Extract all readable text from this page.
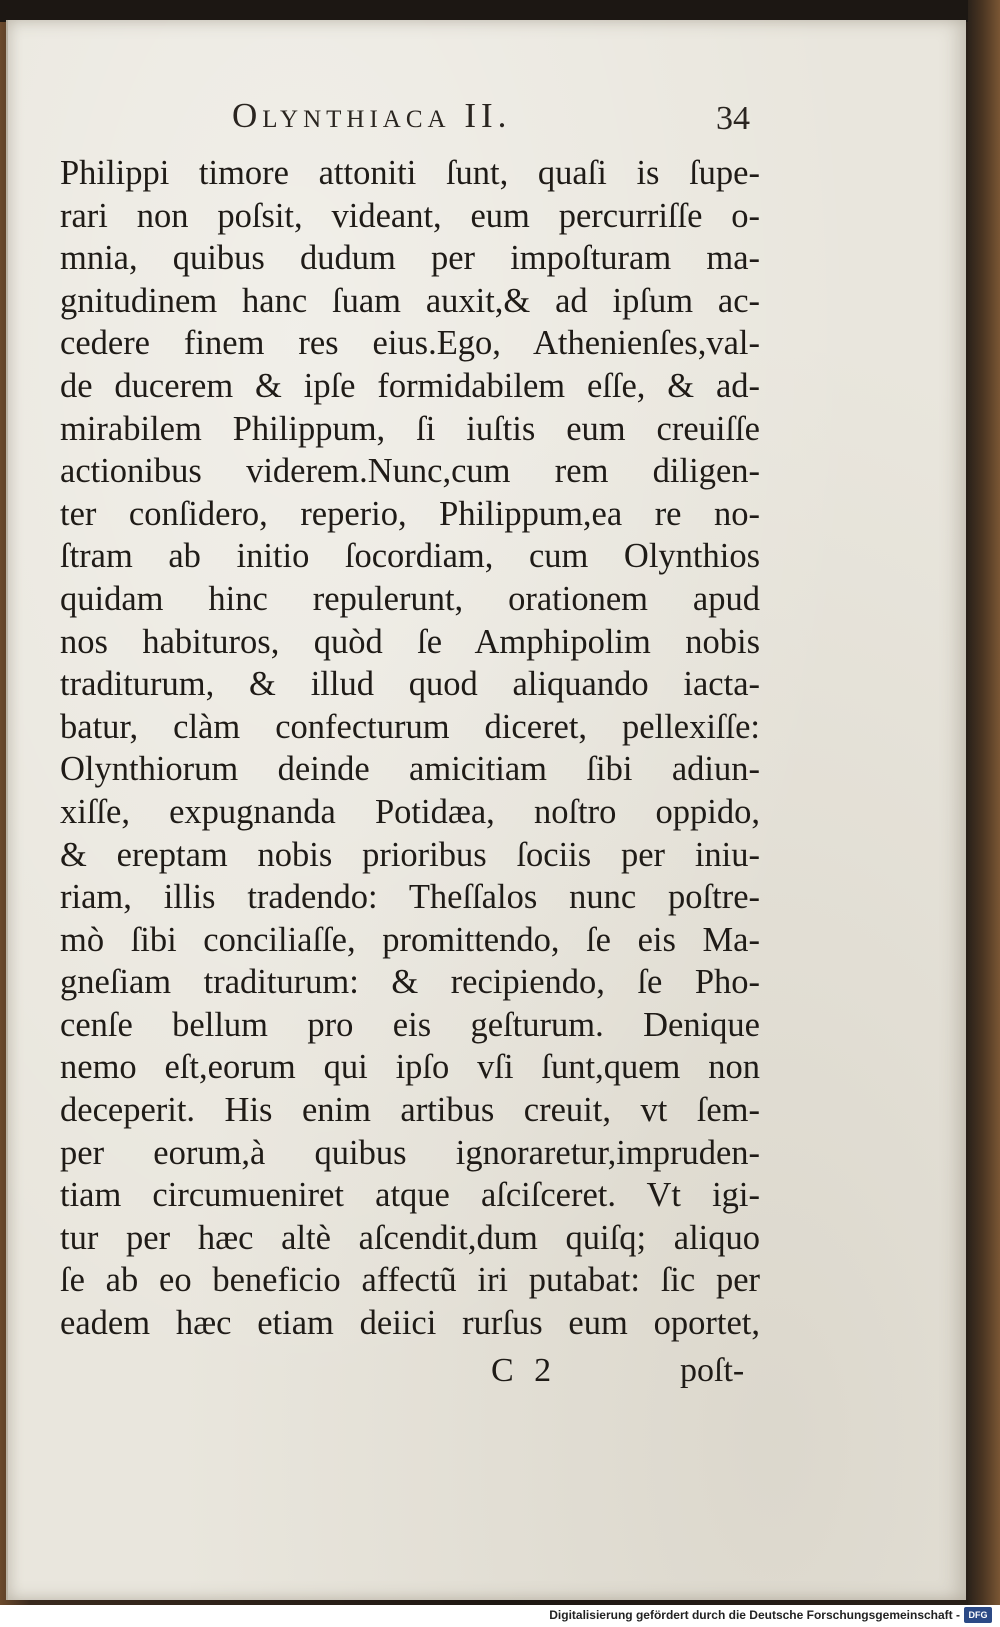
Olynthiaca II.	34
Philippi timore attoniti ſunt, quaſi is ſupe-
rari non poſsit, videant, eum percurriſſe o-
mnia, quibus dudum per impoſturam ma-
gnitudinem hanc ſuam auxit,& ad ipſum ac-
cedere finem res eius.Ego, Athenienſes,val-
de ducerem & ipſe formidabilem eſſe, & ad-
mirabilem Philippum, ſi iuſtis eum creuiſſe
actionibus viderem.Nunc,cum rem diligen-
ter conſidero, reperio, Philippum,ea re no-
ſtram ab initio ſocordiam, cum Olynthios
quidam hinc repulerunt, orationem apud
nos habituros, quòd ſe Amphipolim nobis
traditurum, & illud quod aliquando iacta-
batur, clàm confecturum diceret, pellexiſſe:
Olynthiorum deinde amicitiam ſibi adiun-
xiſſe, expugnanda Potidæa, noſtro oppido,
& ereptam nobis prioribus ſociis per iniu-
riam, illis tradendo: Theſſalos nunc poſtre-
mò ſibi conciliaſſe, promittendo, ſe eis Ma-
gneſiam traditurum: & recipiendo, ſe Pho-
cenſe bellum pro eis geſturum. Denique
nemo eſt,eorum qui ipſo vſi ſunt,quem non
deceperit. His enim artibus creuit, vt ſem-
per eorum,à quibus ignoraretur,impruden-
tiam circumueniret atque aſciſceret. Vt igi-
tur per hæc altè aſcendit,dum quiſq; aliquo
ſe ab eo beneficio affectũ iri putabat: ſic per
eadem hæc etiam deiici rurſus eum oportet,
C 2	poſt-
Digitalisierung gefördert durch die Deutsche Forschungsgemeinschaft - DFG
